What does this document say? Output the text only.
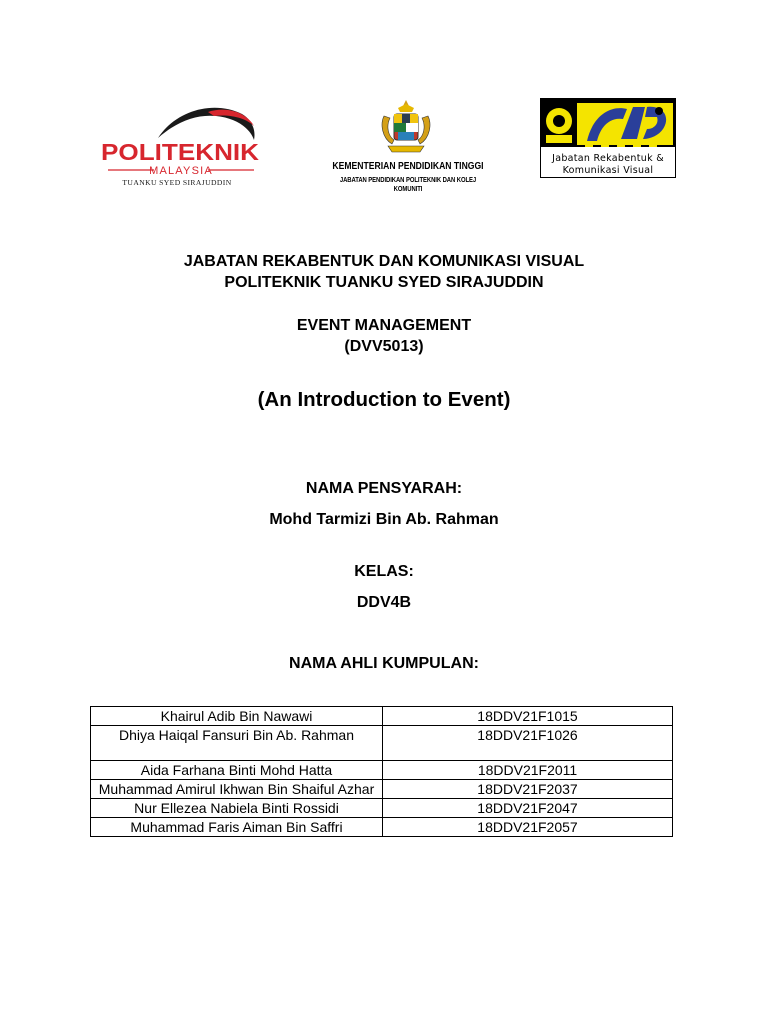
POLITEKNIK
MALAYSIA
TUANKU SYED SIRAJUDDIN
KEMENTERIAN PENDIDIKAN TINGGI
JABATAN PENDIDIKAN POLITEKNIK DAN KOLEJ KOMUNITI
Jabatan Rekabentuk &
Komunikasi Visual
JABATAN REKABENTUK DAN KOMUNIKASI VISUAL
POLITEKNIK TUANKU SYED SIRAJUDDIN
EVENT MANAGEMENT
(DVV5013)
(An Introduction to Event)
NAMA PENSYARAH:
Mohd Tarmizi Bin Ab. Rahman
KELAS:
DDV4B
NAMA AHLI KUMPULAN:
Khairul Adib Bin Nawawi	18DDV21F1015
Dhiya Haiqal Fansuri Bin Ab. Rahman	18DDV21F1026
Aida Farhana Binti Mohd Hatta	18DDV21F2011
Muhammad Amirul Ikhwan Bin Shaiful Azhar	18DDV21F2037
Nur Ellezea Nabiela Binti Rossidi	18DDV21F2047
Muhammad Faris Aiman Bin Saffri	18DDV21F2057
